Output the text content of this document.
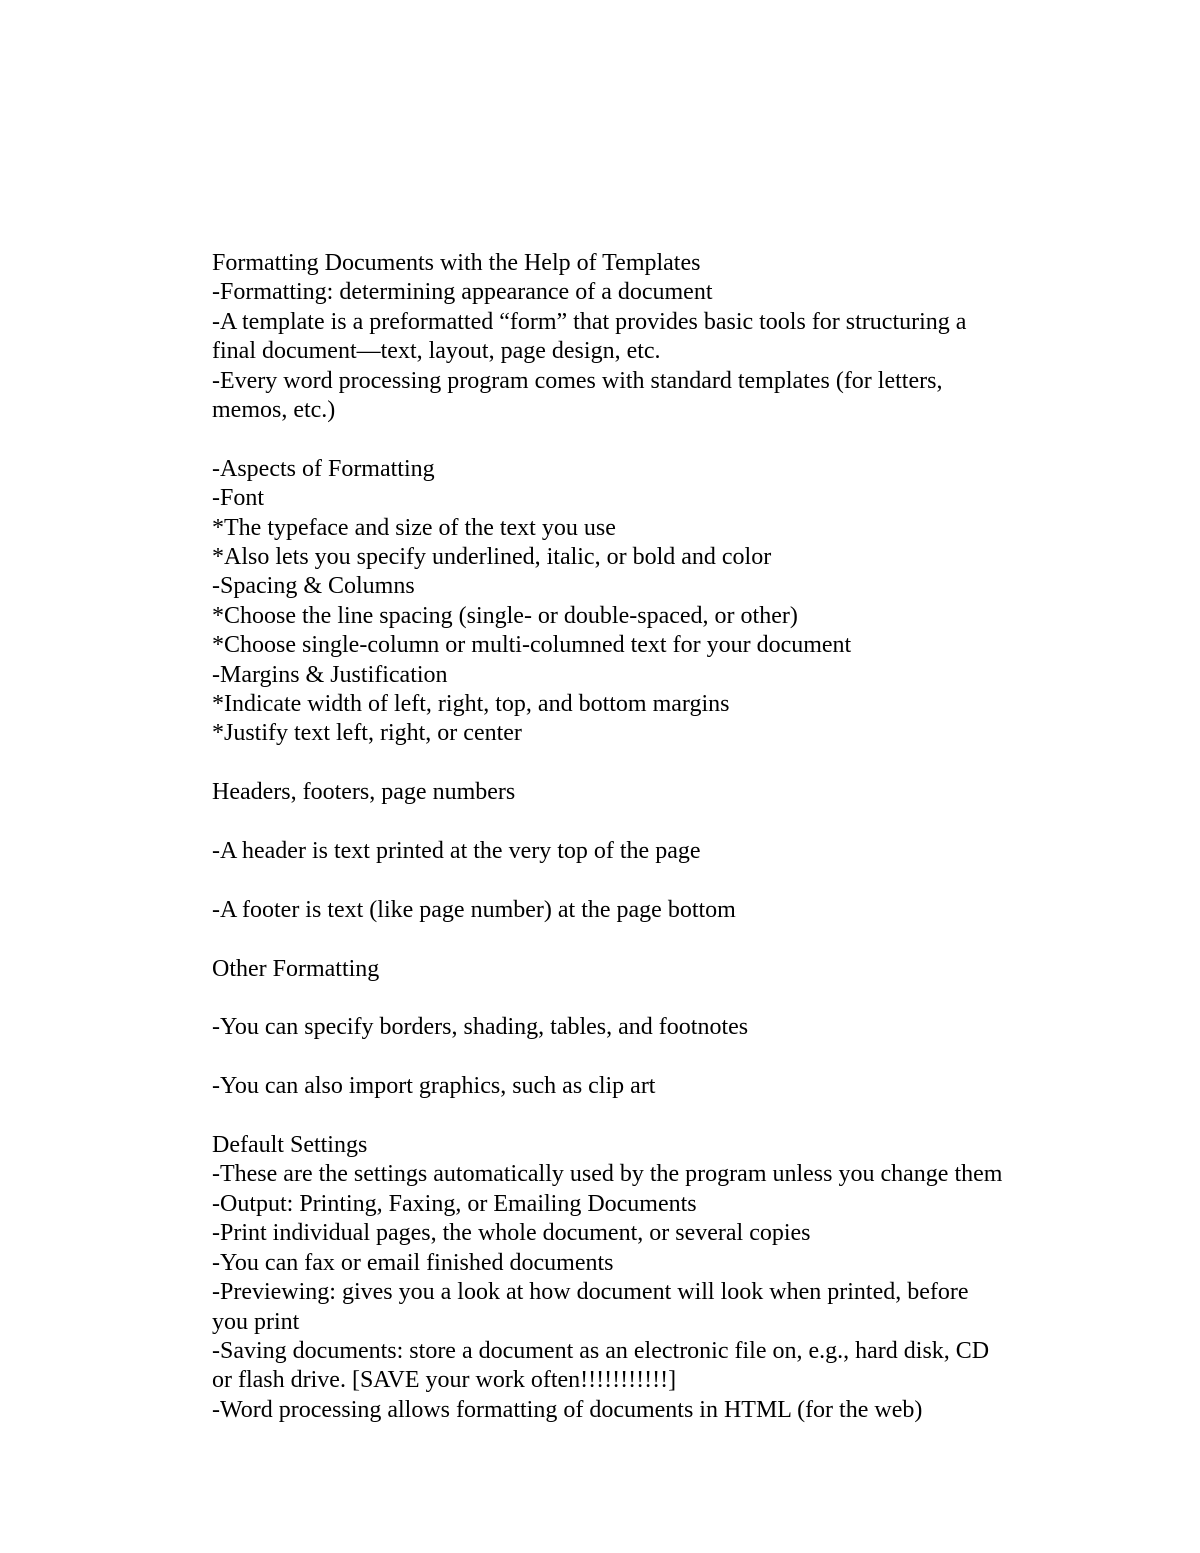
Formatting Documents with the Help of Templates
-Formatting: determining appearance of a document
-A template is a preformatted “form” that provides basic tools for structuring a
final document—text, layout, page design, etc.
-Every word processing program comes with standard templates (for letters,
memos, etc.)
-Aspects of Formatting
-Font
*The typeface and size of the text you use
*Also lets you specify underlined, italic, or bold and color
-Spacing & Columns
*Choose the line spacing (single- or double-spaced, or other)
*Choose single-column or multi-columned text for your document
-Margins & Justification
*Indicate width of left, right, top, and bottom margins
*Justify text left, right, or center
Headers, footers, page numbers
-A header is text printed at the very top of the page
-A footer is text (like page number) at the page bottom
Other Formatting
-You can specify borders, shading, tables, and footnotes
-You can also import graphics, such as clip art
Default Settings
-These are the settings automatically used by the program unless you change them
-Output: Printing, Faxing, or Emailing Documents
-Print individual pages, the whole document, or several copies
-You can fax or email finished documents
-Previewing: gives you a look at how document will look when printed, before
you print
-Saving documents: store a document as an electronic file on, e.g., hard disk, CD
or flash drive. [SAVE your work often!!!!!!!!!!!]
-Word processing allows formatting of documents in HTML (for the web)
